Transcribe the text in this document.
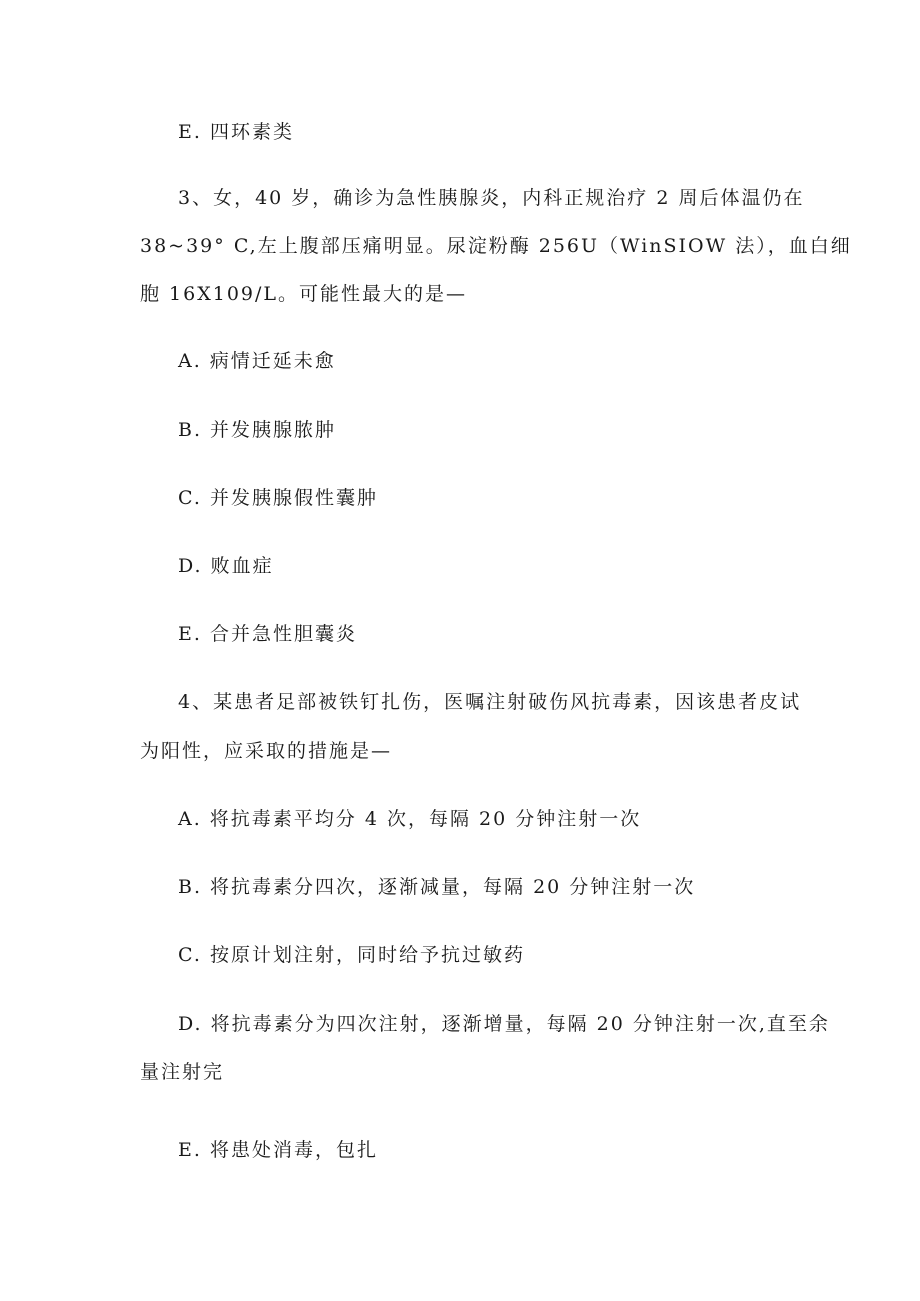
E. 四环素类
3、女，40 岁，确诊为急性胰腺炎，内科正规治疗 2 周后体温仍在
38~39° C,左上腹部压痛明显。尿淀粉酶 256U（WinSIOW 法），血白细
胞 16X109/L。可能性最大的是—
A. 病情迁延未愈
B. 并发胰腺脓肿
C. 并发胰腺假性囊肿
D. 败血症
E. 合并急性胆囊炎
4、某患者足部被铁钉扎伤，医嘱注射破伤风抗毒素，因该患者皮试
为阳性，应采取的措施是—
A. 将抗毒素平均分 4 次，每隔 20 分钟注射一次
B. 将抗毒素分四次，逐渐减量，每隔 20 分钟注射一次
C. 按原计划注射，同时给予抗过敏药
D. 将抗毒素分为四次注射，逐渐增量，每隔 20 分钟注射一次,直至余
量注射完
E. 将患处消毒，包扎
